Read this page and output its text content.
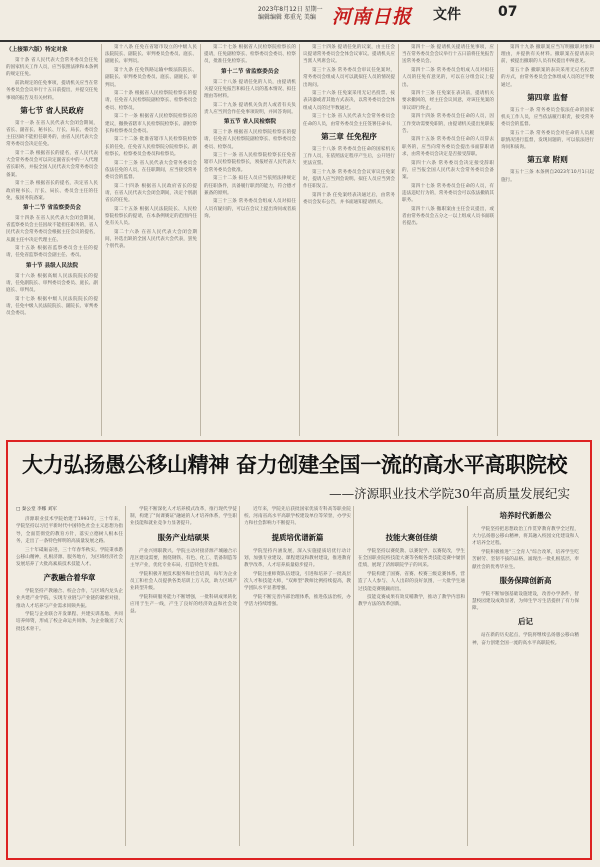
2023年8月12日 星期一 编辑编辑 郑重光 美编 河南日报 文件	07
（上接第六版）特定对象

第十条 省人民代表大会常务委员会任免的国家机关工作人员，应当依照法律和本条例的规定任免。

前款规定的任免事项，提请机关应当在常务委员会会议举行十五日前提出，并提交任免事项的报告及有关材料。

第七节 省人民政府

第十一条 在省人民代表大会闭会期间，省长、副省长、秘书长、厅长、局长、委员会主任因故不能担任职务的，由省人民代表大会常务委员会决定任免。

第十二条 根据省长的提名，省人民代表大会常务委员会可以决定副省长中的一人代理省长职务，并报全国人民代表大会常务委员会备案。

第十三条 根据省长的提名，决定省人民政府秘书长、厅长、局长、委员会主任的任免，报国务院备案。

第十二节 省监察委员会

第十四条 在省人民代表大会闭会期间，省监察委员会主任因故不能担任职务的，省人民代表大会常务委员会根据主任会议的提名，从副主任中决定代理主任。

第十五条 根据省监察委员会主任的提请，任免省监察委员会副主任、委员。

第十节 县级人民法院

第十六条 根据高级人民法院院长的提请，任免副院长、审判委员会委员、庭长、副庭长、审判员。

第十七条 根据中级人民法院院长的提请，任免中级人民法院院长、副院长、审判委员会委员。

第十八条 任免在省辖市设立的中级人民法院院长、副院长、审判委员会委员、庭长、副庭长、审判员。

第十九条 任免铁路运输中级法院院长、副院长、审判委员会委员、庭长、副庭长、审判员。

第二十条 根据省人民检察院检察长的提请，任免省人民检察院副检察长、检察委员会委员、检察员。

第二十一条 根据省人民检察院检察长的建议，撤换省辖市人民检察院检察长、副检察长和检察委员会委员。

第二十二条 批准省辖市人民检察院检察长的任免，任免省人民检察院分院检察长、副检察长、检察委员会委员和检察员。

第二十三条 省人民代表大会常务委员会依法任免的人员，在任职期间，应当接受常务委员会的监督。

第二十四条 根据省人民政府省长的提请，在省人民代表大会闭会期间，决定个别副省长的任免。

第二十五条 根据人民法院院长、人民检察院检察长的提请，在本条例规定的范围内任免有关人员。

第二十六条 在省人民代表大会闭会期间，补选出缺的全国人民代表大会代表，罢免个别代表。

第二十七条 根据省人民检察院检察长的提请，任免副检察长、检察委员会委员、检察员，批准任免检察长。

第十二节 省监察委员会

第二十八条 提请任免的人员，由提请机关提交任免报告和拟任人员的基本情况、拟任理由等材料。

第二十九条 提请机关负责人或者有关负责人应当到会作任免事项说明，并回答询问。

第五节 省人民检察院

第三十条 根据省人民检察院检察长的提请，任免省人民检察院副检察长、检察委员会委员、检察员。

第三十一条 省人民检察院检察长任免省辖市人民检察院检察长，须报经省人民代表大会常务委员会批准。

第三十二条 拟任人员应当依照法律规定的任职条件，具备履行职责的能力，符合德才兼备的原则。

第三十三条 常务委员会组成人员对拟任人员有疑问的，可以在会议上提出询问或者质询。

第三十四条 提请任免的议案，由主任会议提请常务委员会全体会议审议。提请机关应当派人列席会议。

第三十五条 常务委员会审议任免案时，常务委员会组成人员可以就拟任人员的情况提出询问。

第三十六条 任免案采用无记名投票、按表决器或者其他方式表决，以常务委员会全体组成人员的过半数通过。

第三十七条 省人民代表大会常务委员会任命的人员，由常务委员会主任签署任命书。

第三章 任免程序

第三十八条 常务委员会任命的国家机关工作人员，在依照法定程序产生后，公开进行宪法宣誓。

第三十九条 常务委员会会议审议任免案时，提请人应当到会说明。拟任人员应当到会作任职发言。

第四十条 任免案经表决通过后，由常务委员会发布公告，并书面通知提请机关。

第四十一条 提请机关提请任免事项，应当在常务委员会会议举行十五日前将任免报告送常务委员会。

第四十二条 常务委员会组成人员对拟任人员的任免有意见的，可以在分组会议上提出。

第四十三条 任免案在表决前，提请机关要求撤回的，经主任会议同意，对该任免案的审议即行终止。

第四十四条 常务委员会任命的人员，因工作变动需要免职的，由提请机关提出免职报告。

第四十五条 常务委员会任命的人员辞去职务的，应当向常务委员会提出书面辞职请求，由常务委员会决定是否接受辞职。

第四十六条 常务委员会决定接受辞职的，应当报全国人民代表大会常务委员会备案。

第四十七条 常务委员会任命的人员，有违法违纪行为的，常务委员会可以依法撤销其职务。

第四十八条 撤职案由主任会议提出，或者由常务委员会五分之一以上组成人员书面联名提出。

第四十九条 撤职案应当写明撤职对象和理由，并提供有关材料。撤职案在提请表决前，被提出撤职的人员有权提出申辩意见。

第五十条 撤职案的表决采用无记名投票的方式，由常务委员会全体组成人员的过半数通过。

第四章 监督

第五十一条 常务委员会依法任命的国家机关工作人员，应当依法履行职责，接受常务委员会的监督。

第五十二条 常务委员会对任命的人员履职情况进行监督，发现问题的，可以依法进行询问和质询。

第五章 附则

第五十三条 本条例自2023年10月1日起施行。

大力弘扬愚公移山精神 奋力创建全国一流的高水平高职院校
——济源职业技术学院30年高质量发展纪实
□ 秦公堂 李娜 刘军

济源职业技术学院始建于1993年，三十年来，学院坚持以习近平新时代中国特色社会主义思想为指导，全面贯彻党的教育方针，落实立德树人根本任务，走出了一条特色鲜明的高质量发展之路。

三十年砥砺奋进，三十年春华秋实。学院秉承愚公移山精神，扎根济源、服务地方，为区域经济社会发展培养了大批高素质技术技能人才。

产教融合着华章

学院坚持产教融合、校企合作，与区域内龙头企业共建产业学院，实现专业链与产业链的紧密对接，推动人才培养与产业需求同频共振。

学院与企业联合开发课程、共建实训基地、共同培养师资，形成了校企命运共同体，为企业输送了大批技术骨干。

学院不断深化人才培养模式改革，推行现代学徒制，构建了"岗课赛证"融通的人才培养体系，学生职业技能和就业竞争力显著提升。

服务产业结硕果

产业兴则职教兴。学院主动对接济源产城融合示范区建设需要，围绕钢铁、有色、化工、装备制造等主导产业，优化专业布局，打造特色专业群。

学院积极开展技术服务和社会培训，每年为企业员工和社会人员提供各类培训上万人次，助力区域产业转型升级。

学院科研服务能力不断增强，一批科研成果转化应用于生产一线，产生了良好的经济效益和社会效益。

近年来，学院先后获批国家优质专科高等职业院校、河南省高水平高职学校建设单位等荣誉，办学实力和社会影响力不断提升。

提质培优谱新篇

学院坚持内涵发展，深入实施提质培优行动计划，加强专业建设、课程建设和教材建设，推进教育教学改革，人才培养质量稳步提升。

学院注重师资队伍建设，引进和培养了一批高层次人才和技能大师，"双师型"教师比例持续提高，教学团队水平显著增强。

学院不断完善内部治理体系，推进依法治校，办学活力持续增强。

技能大赛创佳绩

学院坚持以赛促教、以赛促学、以赛促改，学生在全国职业院校技能大赛等各级各类技能竞赛中屡创佳绩，展现了济源职院学子的风采。

学院构建了国赛、省赛、校赛三级竞赛体系，营造了人人参与、人人出彩的良好氛围，一大批学生通过技能竞赛脱颖而出。

技能竞赛成果有效反哺教学，推动了教学内容和教学方法的改革创新。

培养时代新愚公

学院坚持把思想政治工作贯穿教育教学全过程，大力弘扬愚公移山精神，将其融入校园文化建设和人才培养全过程。

学院积极推进"三全育人"综合改革，培养学生吃苦耐劳、坚韧不拔的品格，涌现出一批扎根基层、奉献社会的优秀毕业生。

服务保障创新高

学院不断加强基础设施建设，改善办学条件，智慧校园建设成效显著，为师生学习生活提供了有力保障。

后记

站在新的历史起点，学院将继续弘扬愚公移山精神，奋力创建全国一流的高水平高职院校。
